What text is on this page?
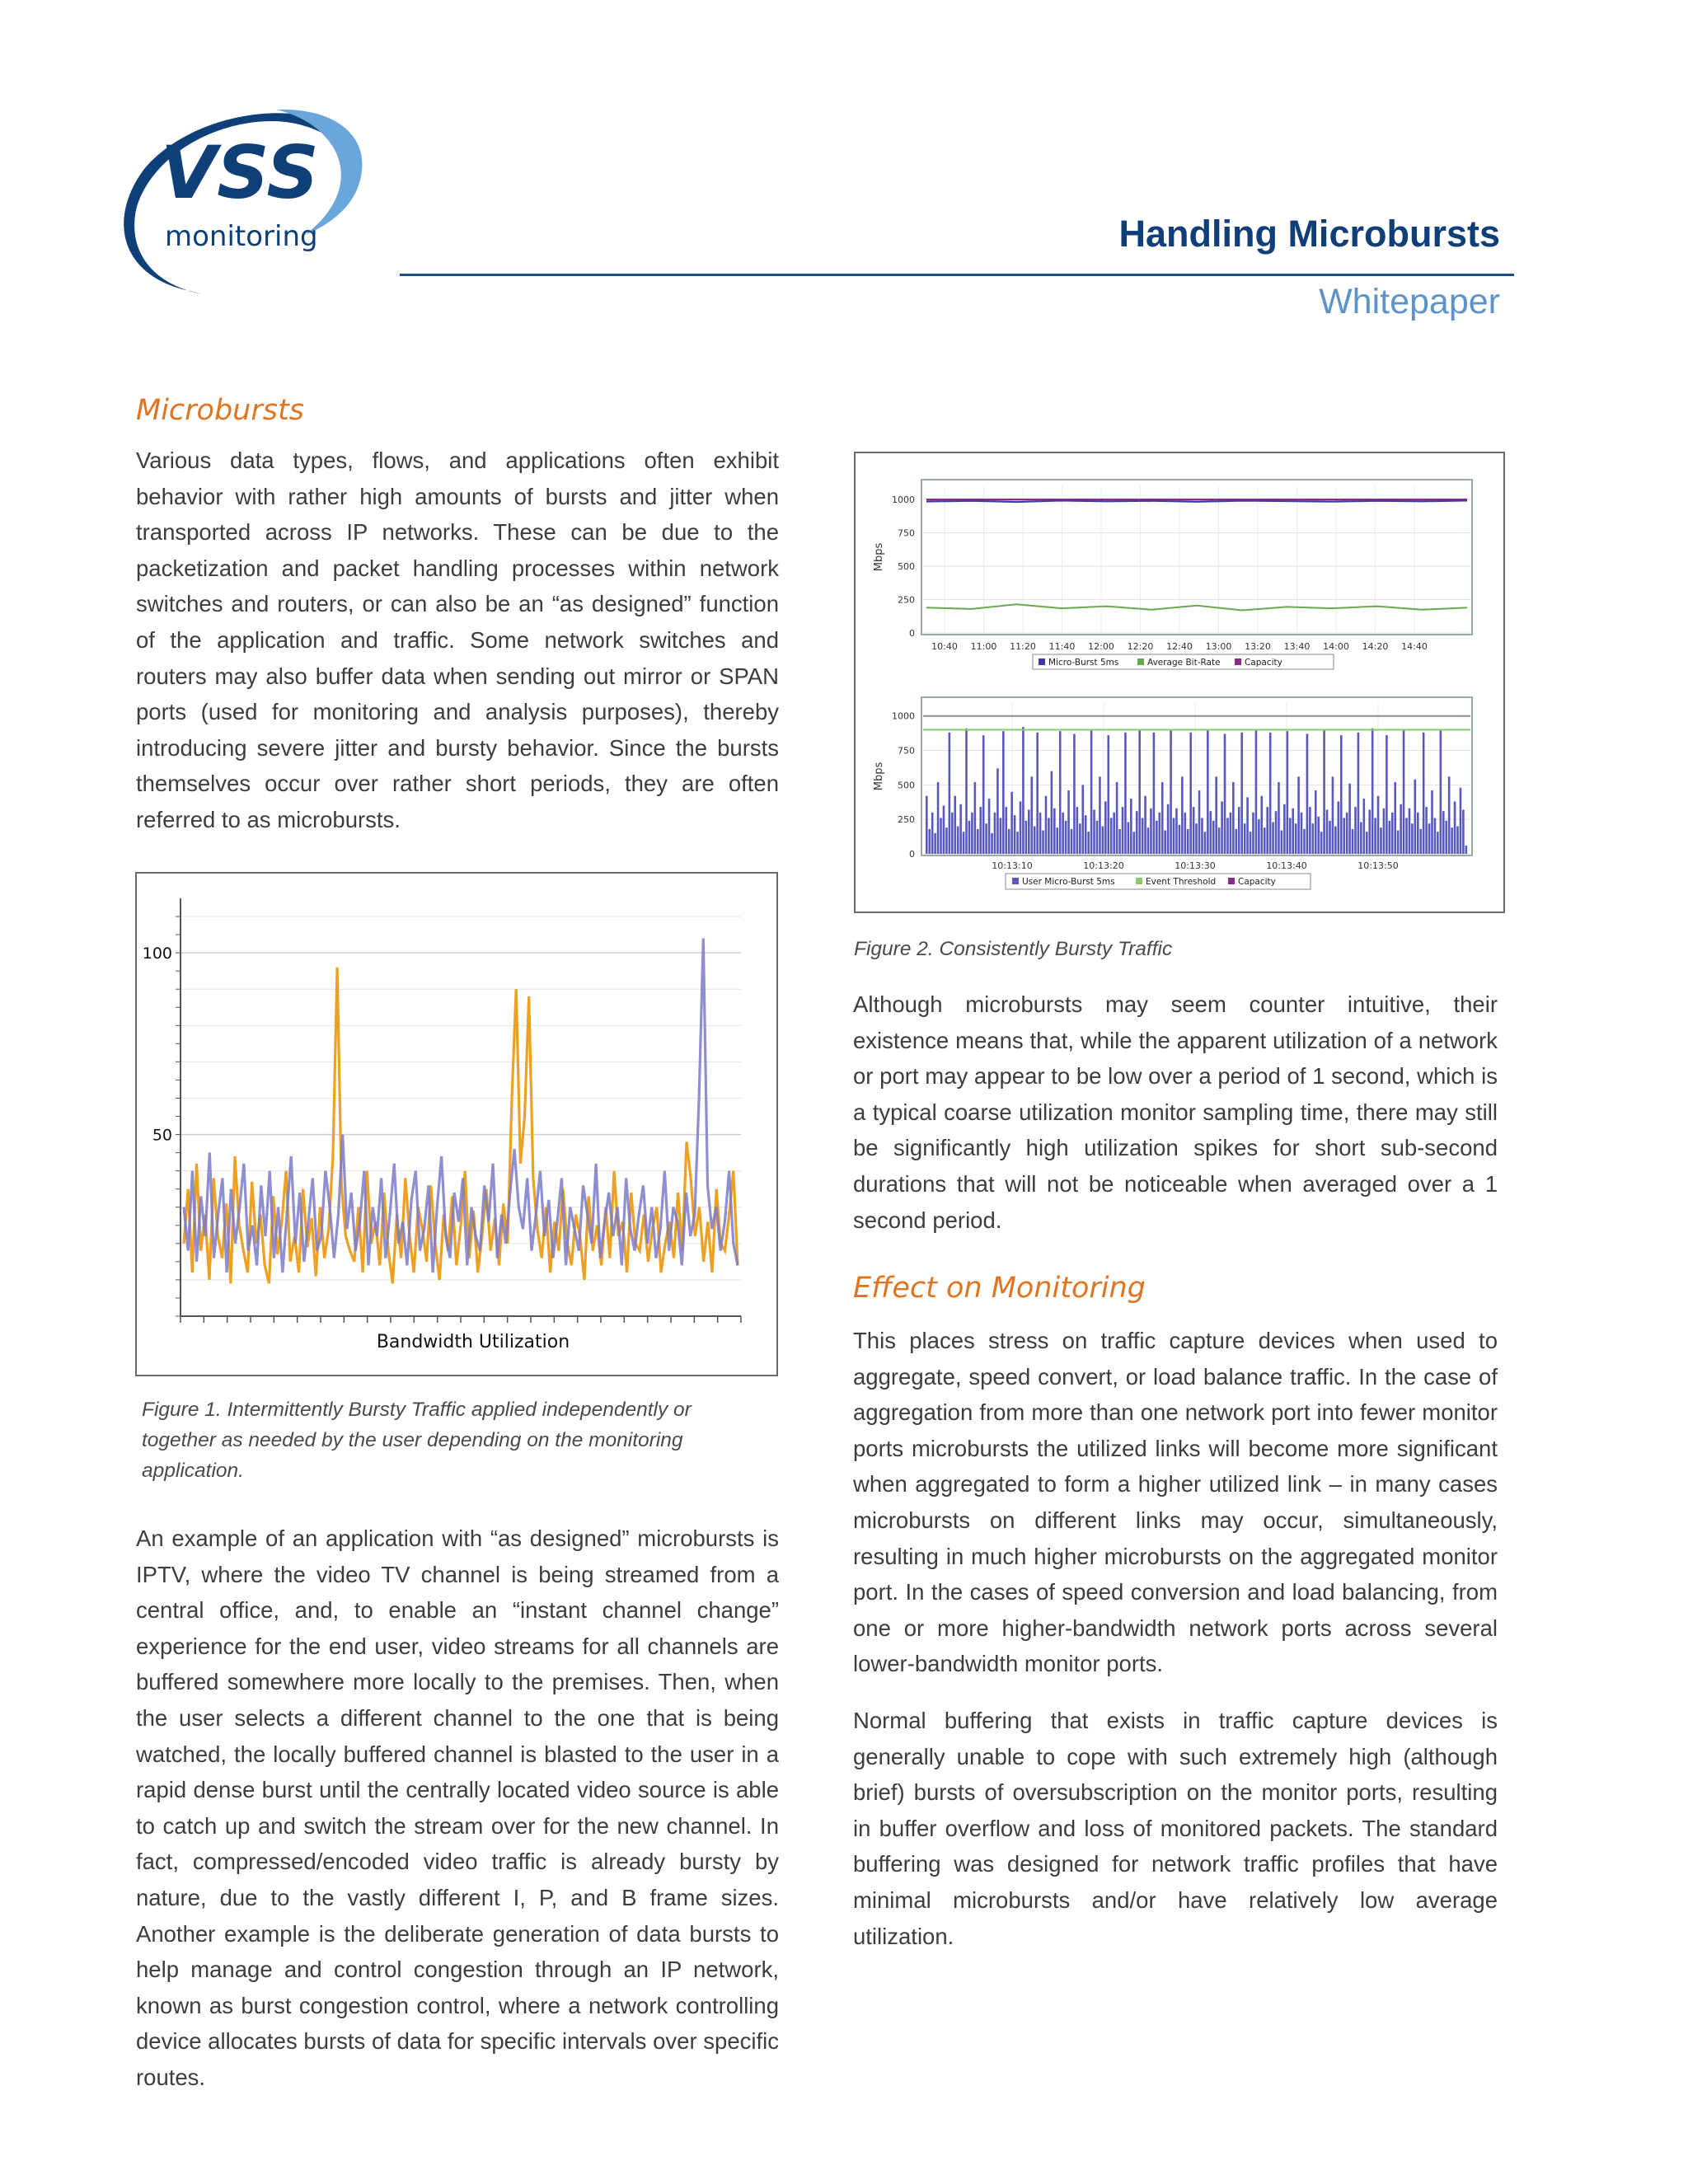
VSS
monitoring	Handling Microbursts
Whitepaper
Microbursts
Various data types, flows, and applications often exhibit behavior with rather high amounts of bursts and jitter when transported across IP networks. These can be due to the packetization and packet handling processes within network switches and routers, or can also be an “as designed” function of the application and traffic. Some network switches and routers may also buffer data when sending out mirror or SPAN ports (used for monitoring and analysis purposes), thereby introducing severe jitter and bursty behavior. Since the bursts themselves occur over rather short periods, they are often referred to as microbursts.
100
50
Bandwidth Utilization
Figure 1. Intermittently Bursty Traffic applied independently or together as needed by the user depending on the monitoring application.
An example of an application with “as designed” microbursts is IPTV, where the video TV channel is being streamed from a central office, and, to enable an “instant channel change” experience for the end user, video streams for all channels are buffered somewhere more locally to the premises. Then, when the user selects a different channel to the one that is being watched, the locally buffered channel is blasted to the user in a rapid dense burst until the centrally located video source is able to catch up and switch the stream over for the new channel. In fact, compressed/encoded video traffic is already bursty by nature, due to the vastly different I, P, and B frame sizes. Another example is the deliberate generation of data bursts to help manage and control congestion through an IP network, known as burst congestion control, where a network controlling device allocates bursts of data for specific intervals over specific routes.
0
250
500
750
1000
10:40 11:00 11:20 11:40 12:00 12:20 12:40 13:00 13:20 13:40 14:00 14:20 14:40
Mbps
Micro-Burst 5ms	Average Bit-Rate	Capacity
0
250
500
750
1000
10:13:10	10:13:20	10:13:30	10:13:40	10:13:50
Mbps
User Micro-Burst 5ms	Event Threshold	Capacity
Figure 2. Consistently Bursty Traffic
Although microbursts may seem counter intuitive, their existence means that, while the apparent utilization of a network or port may appear to be low over a period of 1 second, which is a typical coarse utilization monitor sampling time, there may still be significantly high utilization spikes for short sub-second durations that will not be noticeable when averaged over a 1 second period.
Effect on Monitoring
This places stress on traffic capture devices when used to aggregate, speed convert, or load balance traffic. In the case of aggregation from more than one network port into fewer monitor ports microbursts the utilized links will become more significant when aggregated to form a higher utilized link – in many cases microbursts on different links may occur, simultaneously, resulting in much higher microbursts on the aggregated monitor port. In the cases of speed conversion and load balancing, from one or more higher-bandwidth network ports across several lower-bandwidth monitor ports.
Normal buffering that exists in traffic capture devices is generally unable to cope with such extremely high (although brief) bursts of oversubscription on the monitor ports, resulting in buffer overflow and loss of monitored packets. The standard buffering was designed for network traffic profiles that have minimal microbursts and/or have relatively low average utilization.
